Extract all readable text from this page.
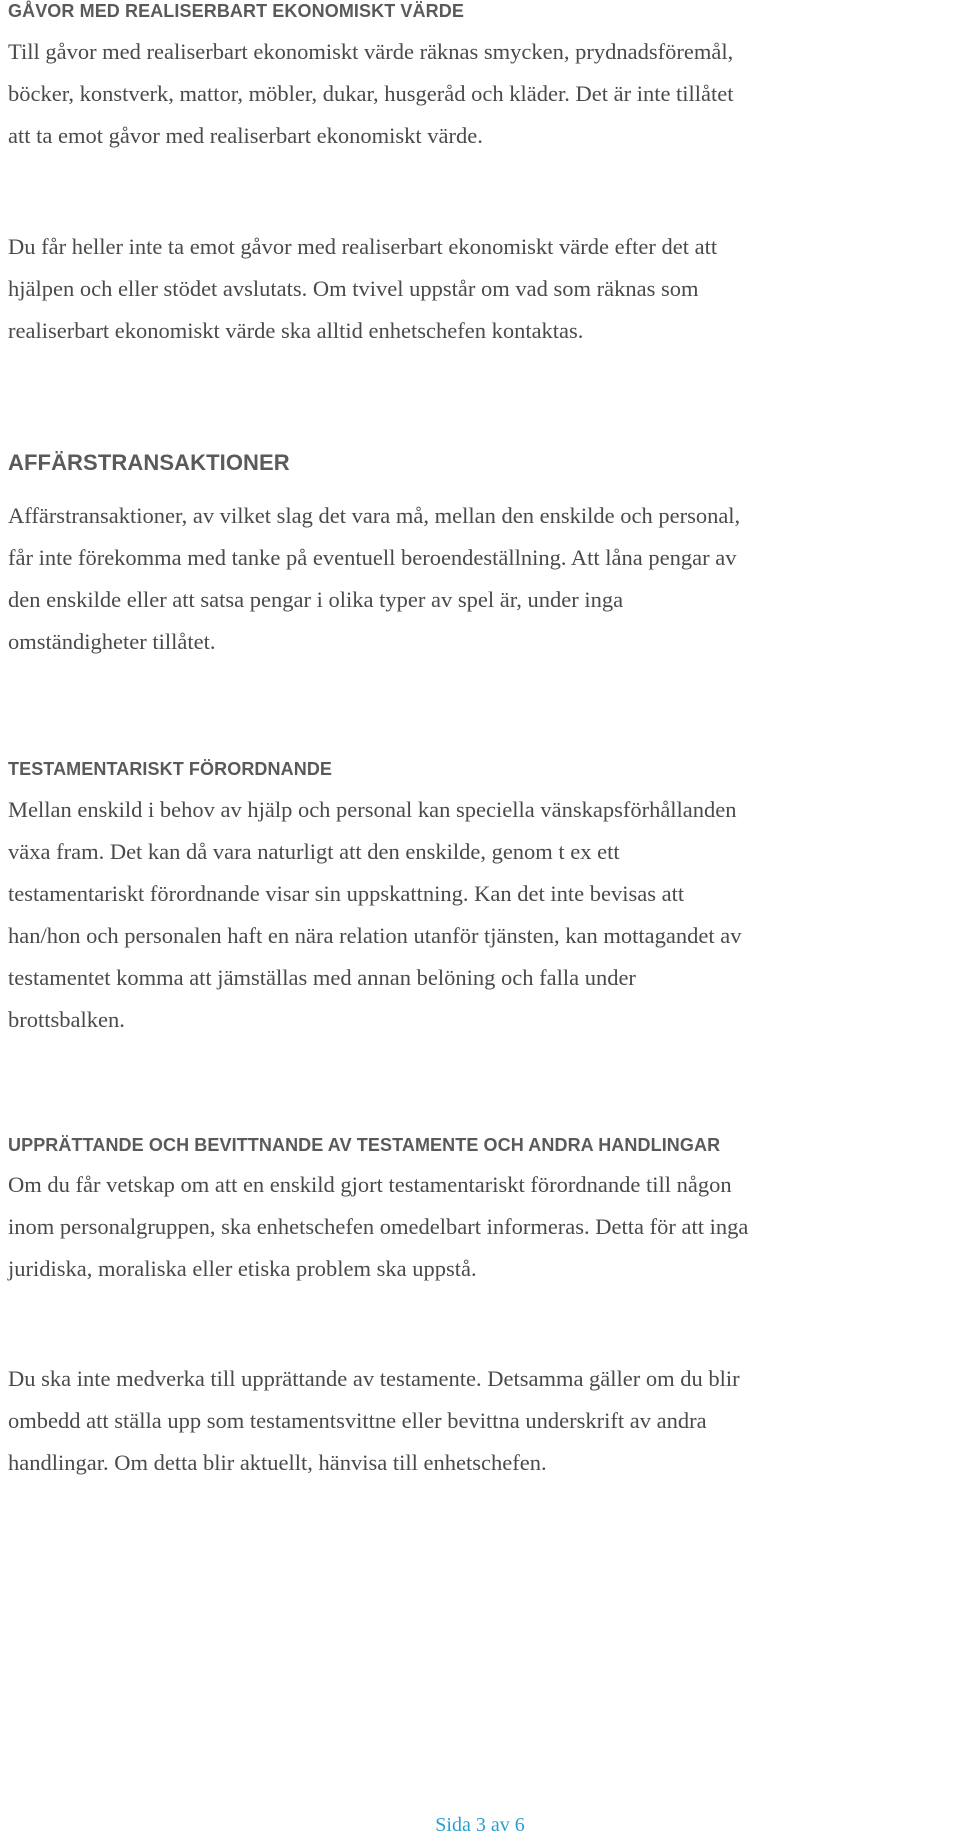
GÅVOR MED REALISERBART EKONOMISKT VÄRDE

Till gåvor med realiserbart ekonomiskt värde räknas smycken, prydnadsföremål,
böcker, konstverk, mattor, möbler, dukar, husgeråd och kläder. Det är inte tillåtet
att ta emot gåvor med realiserbart ekonomiskt värde.

Du får heller inte ta emot gåvor med realiserbart ekonomiskt värde efter det att
hjälpen och eller stödet avslutats. Om tvivel uppstår om vad som räknas som
realiserbart ekonomiskt värde ska alltid enhetschefen kontaktas.

AFFÄRSTRANSAKTIONER

Affärstransaktioner, av vilket slag det vara må, mellan den enskilde och personal,
får inte förekomma med tanke på eventuell beroendeställning. Att låna pengar av
den enskilde eller att satsa pengar i olika typer av spel är, under inga
omständigheter tillåtet.

TESTAMENTARISKT FÖRORDNANDE

Mellan enskild i behov av hjälp och personal kan speciella vänskapsförhållanden
växa fram. Det kan då vara naturligt att den enskilde, genom t ex ett
testamentariskt förordnande visar sin uppskattning. Kan det inte bevisas att
han/hon och personalen haft en nära relation utanför tjänsten, kan mottagandet av
testamentet komma att jämställas med annan belöning och falla under
brottsbalken.

UPPRÄTTANDE OCH BEVITTNANDE AV TESTAMENTE OCH ANDRA HANDLINGAR

Om du får vetskap om att en enskild gjort testamentariskt förordnande till någon
inom personalgruppen, ska enhetschefen omedelbart informeras. Detta för att inga
juridiska, moraliska eller etiska problem ska uppstå.

Du ska inte medverka till upprättande av testamente. Detsamma gäller om du blir
ombedd att ställa upp som testamentsvittne eller bevittna underskrift av andra
handlingar. Om detta blir aktuellt, hänvisa till enhetschefen.

Sida 3 av 6
